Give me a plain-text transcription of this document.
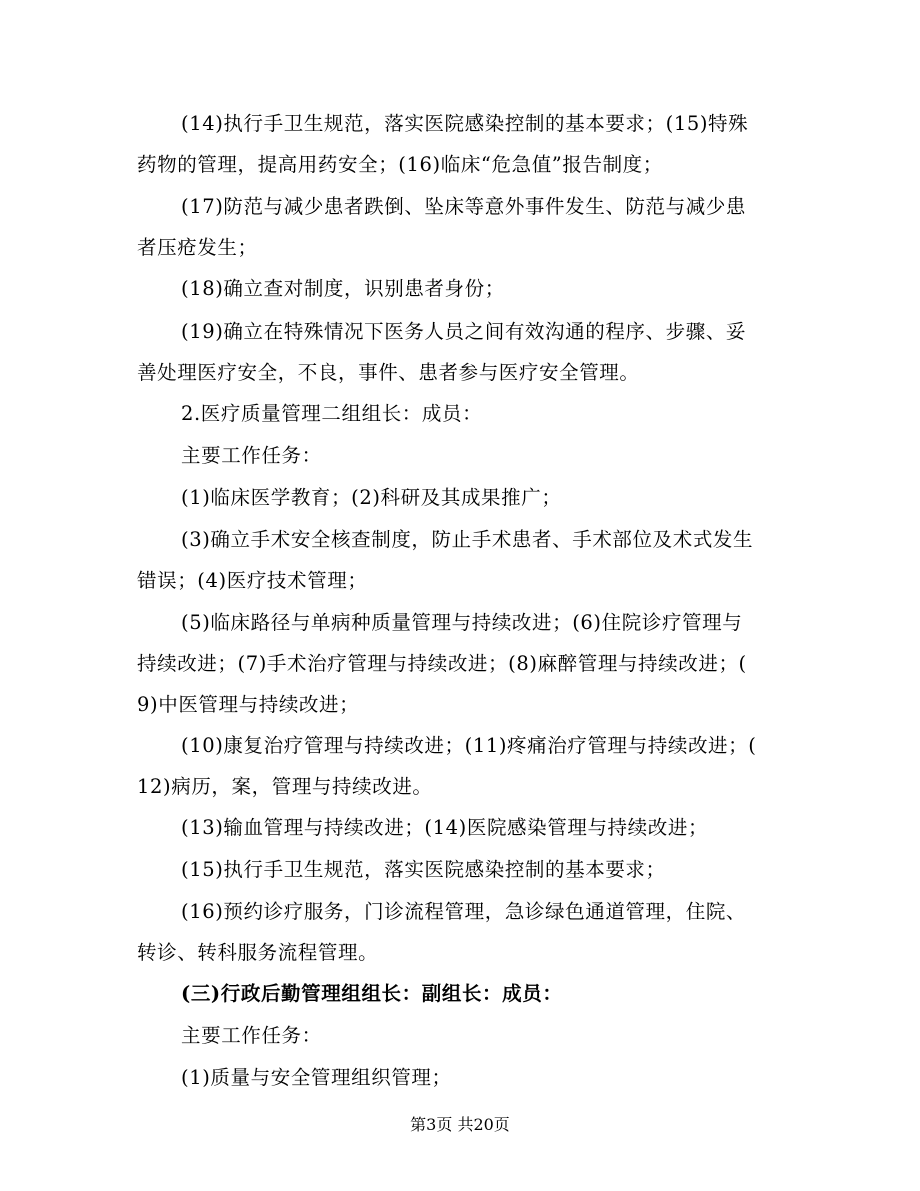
(14)执行手卫生规范，落实医院感染控制的基本要求；(15)特殊
药物的管理，提高用药安全；(16)临床“危急值”报告制度；
(17)防范与减少患者跌倒、坠床等意外事件发生、防范与减少患
者压疮发生；
(18)确立查对制度，识别患者身份；
(19)确立在特殊情况下医务人员之间有效沟通的程序、步骤、妥
善处理医疗安全，不良，事件、患者参与医疗安全管理。
2.医疗质量管理二组组长：成员：
主要工作任务：
(1)临床医学教育；(2)科研及其成果推广；
(3)确立手术安全核查制度，防止手术患者、手术部位及术式发生
错误；(4)医疗技术管理；
(5)临床路径与单病种质量管理与持续改进；(6)住院诊疗管理与
持续改进；(7)手术治疗管理与持续改进；(8)麻醉管理与持续改进；(
9)中医管理与持续改进；
(10)康复治疗管理与持续改进；(11)疼痛治疗管理与持续改进；(
12)病历，案，管理与持续改进。
(13)输血管理与持续改进；(14)医院感染管理与持续改进；
(15)执行手卫生规范，落实医院感染控制的基本要求；
(16)预约诊疗服务，门诊流程管理，急诊绿色通道管理，住院、
转诊、转科服务流程管理。
(三)行政后勤管理组组长：副组长：成员：
主要工作任务：
(1)质量与安全管理组织管理；
第3页 共20页
